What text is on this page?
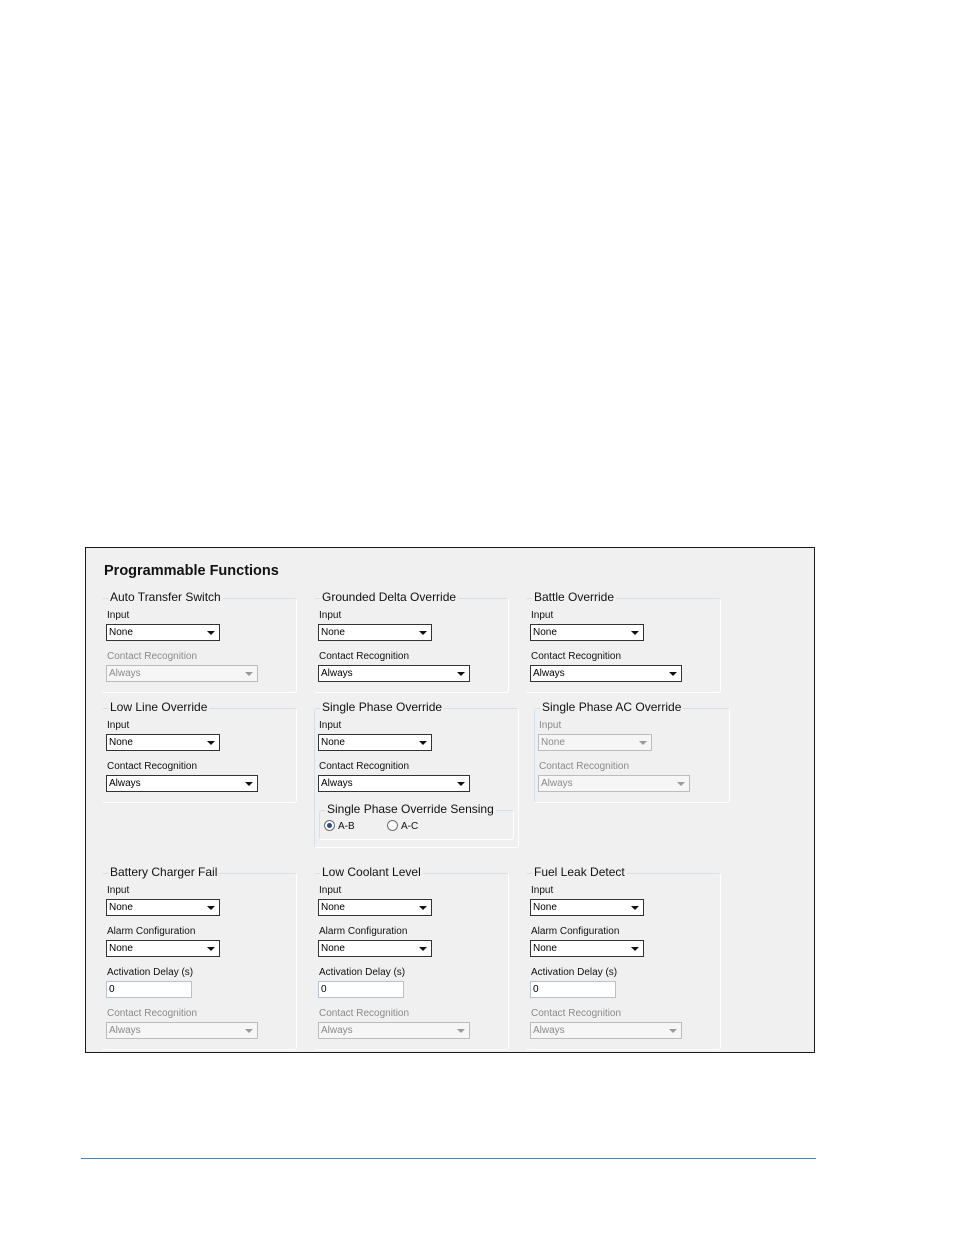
Programmable Functions
Auto Transfer Switch
Input
None
Contact Recognition
Always
Grounded Delta Override
Input
None
Contact Recognition
Always
Battle Override
Input
None
Contact Recognition
Always
Low Line Override
Input
None
Contact Recognition
Always
Single Phase Override
Input
None
Contact Recognition
Always
Single Phase Override Sensing
A-B	A-C
Single Phase AC Override
Input
None
Contact Recognition
Always
Battery Charger Fail
Input
None
Alarm Configuration
None
Activation Delay (s)
0
Contact Recognition
Always
Low Coolant Level
Input
None
Alarm Configuration
None
Activation Delay (s)
0
Contact Recognition
Always
Fuel Leak Detect
Input
None
Alarm Configuration
None
Activation Delay (s)
0
Contact Recognition
Always
